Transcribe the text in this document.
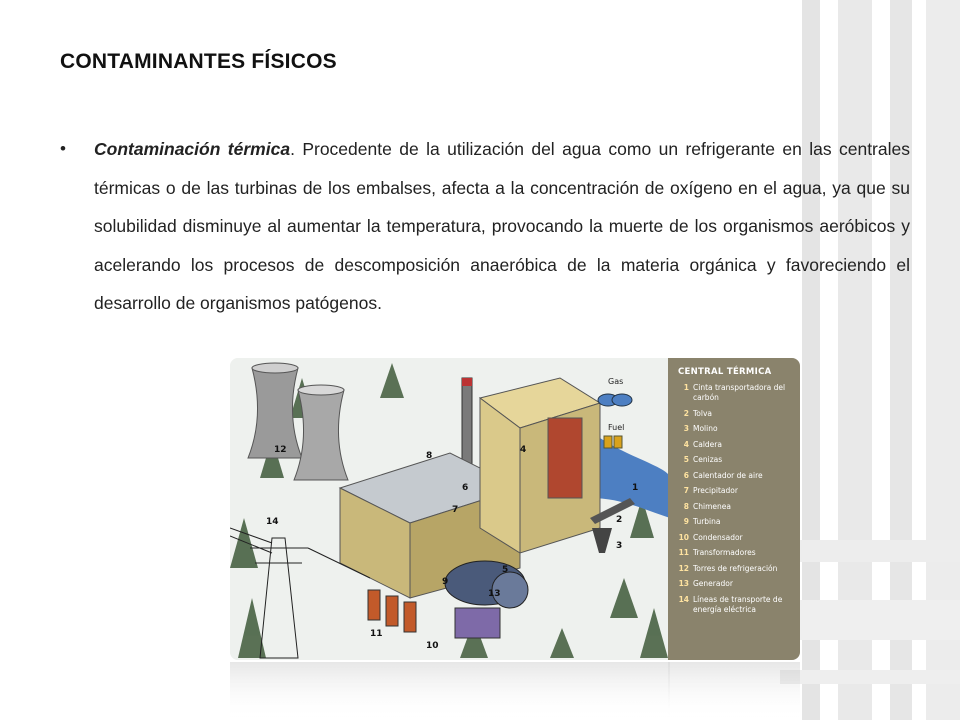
CONTAMINANTES FÍSICOS
•	Contaminación térmica. Procedente de la utilización del agua como un refrigerante en las centrales térmicas o de las turbinas de los embalses, afecta a la concentración de oxígeno en el agua, ya que su solubilidad disminuye al aumentar la temperatura, provocando la muerte de los organismos aeróbicos y acelerando los procesos de descomposición anaeróbica de la materia orgánica y favoreciendo el desarrollo de organismos patógenos.
Gas
Fuel
1
2
3
4
5
6
7
8
9
10
11
12
13
14
CENTRAL TÉRMICA
1 Cinta transportadora del carbón
2 Tolva
3 Molino
4 Caldera
5 Cenizas
6 Calentador de aire
7 Precipitador
8 Chimenea
9 Turbina
10 Condensador
11 Transformadores
12 Torres de refrigeración
13 Generador
14 Líneas de transporte de energía eléctrica
